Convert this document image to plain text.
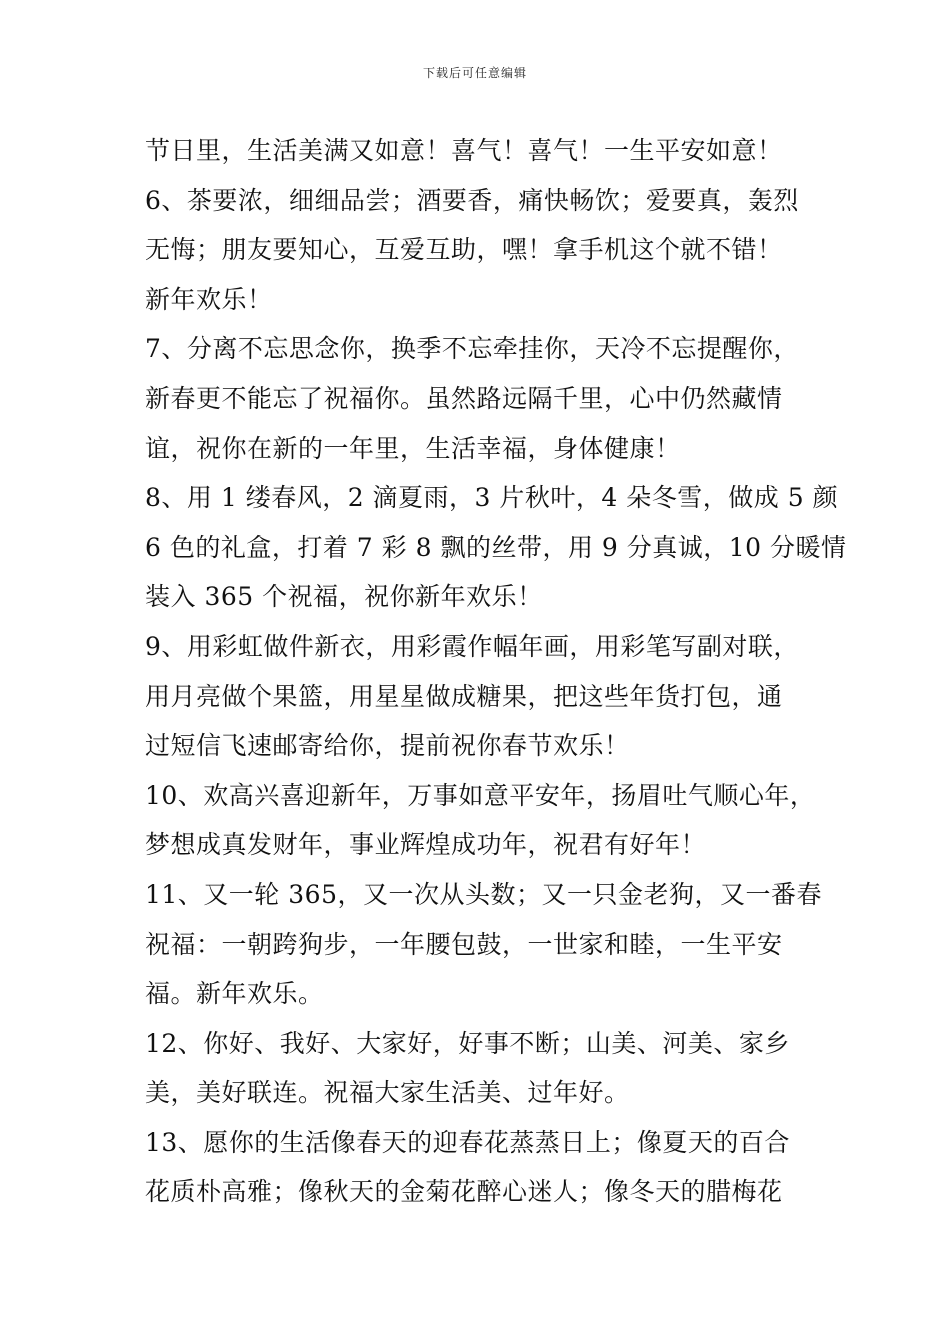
下载后可任意编辑
节日里，生活美满又如意！喜气！喜气！一生平安如意！
6、茶要浓，细细品尝；酒要香，痛快畅饮；爱要真，轰烈
无悔；朋友要知心，互爱互助，嘿！拿手机这个就不错！
新年欢乐！
7、分离不忘思念你，换季不忘牵挂你，天冷不忘提醒你，
新春更不能忘了祝福你。虽然路远隔千里，心中仍然藏情
谊，祝你在新的一年里，生活幸福，身体健康！
8、用 1 缕春风，2 滴夏雨，3 片秋叶，4 朵冬雪，做成 5 颜
6 色的礼盒，打着 7 彩 8 飘的丝带，用 9 分真诚，10 分暖情
装入 365 个祝福，祝你新年欢乐！
9、用彩虹做件新衣，用彩霞作幅年画，用彩笔写副对联，
用月亮做个果篮，用星星做成糖果，把这些年货打包，通
过短信飞速邮寄给你，提前祝你春节欢乐！
10、欢高兴喜迎新年，万事如意平安年，扬眉吐气顺心年，
梦想成真发财年，事业辉煌成功年，祝君有好年！
11、又一轮 365，又一次从头数；又一只金老狗，又一番春
祝福：一朝跨狗步，一年腰包鼓，一世家和睦，一生平安
福。新年欢乐。
12、你好、我好、大家好，好事不断；山美、河美、家乡
美，美好联连。祝福大家生活美、过年好。
13、愿你的生活像春天的迎春花蒸蒸日上；像夏天的百合
花质朴高雅；像秋天的金菊花醉心迷人；像冬天的腊梅花
